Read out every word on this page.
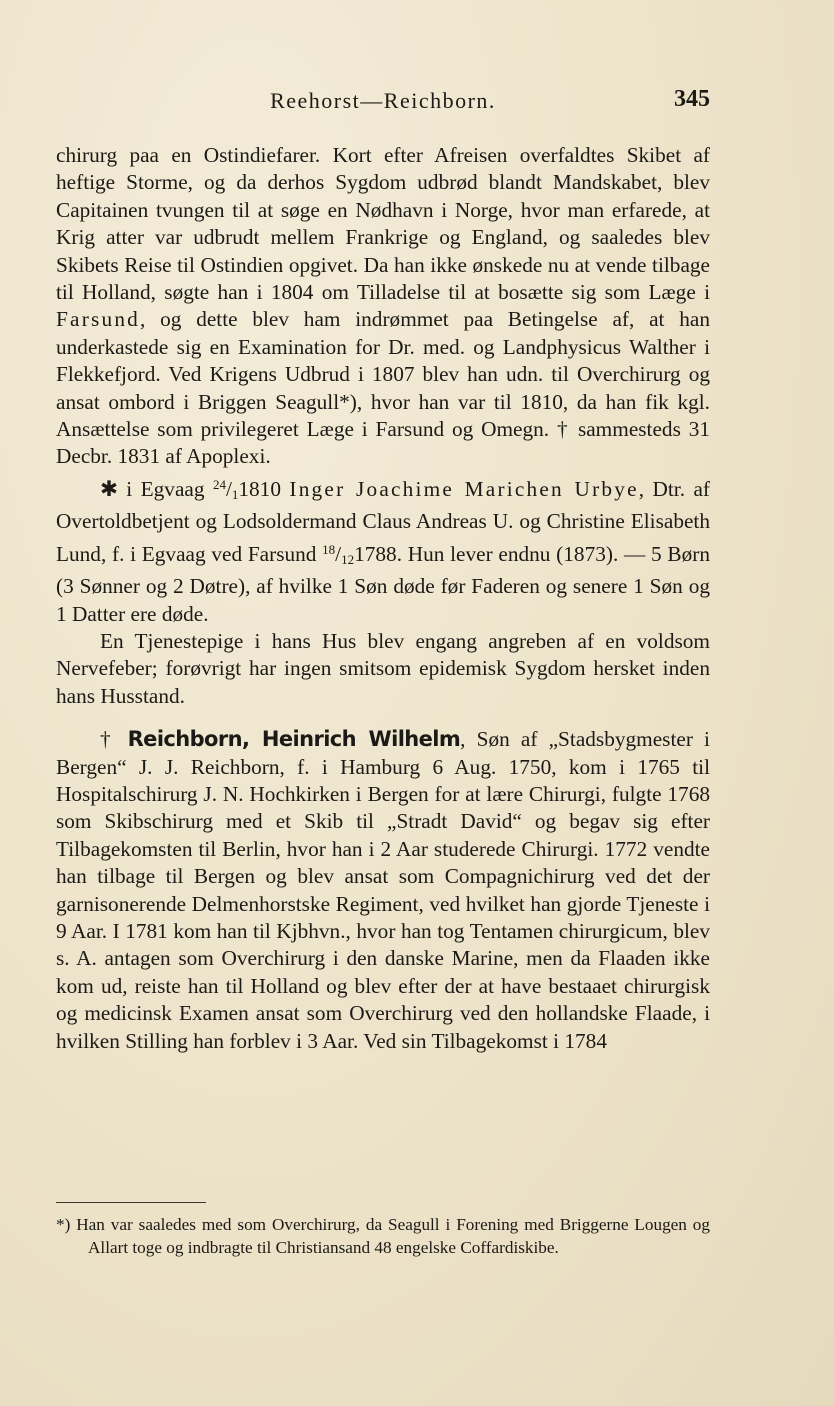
Reehorst—Reichborn.	345

chirurg paa en Ostindiefarer. Kort efter Afreisen overfaldtes Skibet af heftige Storme, og da derhos Sygdom udbrød blandt Mandskabet, blev Capitainen tvungen til at søge en Nødhavn i Norge, hvor man erfarede, at Krig atter var udbrudt mellem Frankrige og England, og saaledes blev Skibets Reise til Ostindien opgivet. Da han ikke ønskede nu at vende tilbage til Holland, søgte han i 1804 om Tilladelse til at bosætte sig som Læge i Farsund, og dette blev ham indrømmet paa Betingelse af, at han underkastede sig en Examination for Dr. med. og Landphysicus Walther i Flekkefjord. Ved Krigens Udbrud i 1807 blev han udn. til Overchirurg og ansat ombord i Briggen Seagull*), hvor han var til 1810, da han fik kgl. Ansættelse som privilegeret Læge i Farsund og Omegn. † sammesteds 31 Decbr. 1831 af Apoplexi.

✱ i Egvaag $^{24}/_11810$ Inger Joachime Marichen Urbye, Dtr. af Overtoldbetjent og Lodsoldermand Claus Andreas U. og Christine Elisabeth Lund, f. i Egvaag ved Farsund $^{18}/_{12}1788$. Hun lever endnu (1873). — 5 Børn (3 Sønner og 2 Døtre), af hvilke 1 Søn døde før Faderen og senere 1 Søn og 1 Datter ere døde.

En Tjenestepige i hans Hus blev engang angreben af en voldsom Nervefeber; forøvrigt har ingen smitsom epidemisk Sygdom hersket inden hans Husstand.

† Reichborn, Heinrich Wilhelm, Søn af „Stadsbygmester i Bergen“ J. J. Reichborn, f. i Hamburg 6 Aug. 1750, kom i 1765 til Hospitalschirurg J. N. Hochkirken i Bergen for at lære Chirurgi, fulgte 1768 som Skibschirurg med et Skib til „Stradt David“ og begav sig efter Tilbagekomsten til Berlin, hvor han i 2 Aar studerede Chirurgi. 1772 vendte han tilbage til Bergen og blev ansat som Compagnichirurg ved det der garnisonerende Delmenhorstske Regiment, ved hvilket han gjorde Tjeneste i 9 Aar. I 1781 kom han til Kjbhvn., hvor han tog Tentamen chirurgicum, blev s. A. antagen som Overchirurg i den danske Marine, men da Flaaden ikke kom ud, reiste han til Holland og blev efter der at have bestaaet chirurgisk og medicinsk Examen ansat som Overchirurg ved den hollandske Flaade, i hvilken Stilling han forblev i 3 Aar. Ved sin Tilbagekomst i 1784

*) Han var saaledes med som Overchirurg, da Seagull i Forening med Briggerne Lougen og Allart toge og indbragte til Christiansand 48 engelske Coffardiskibe.
